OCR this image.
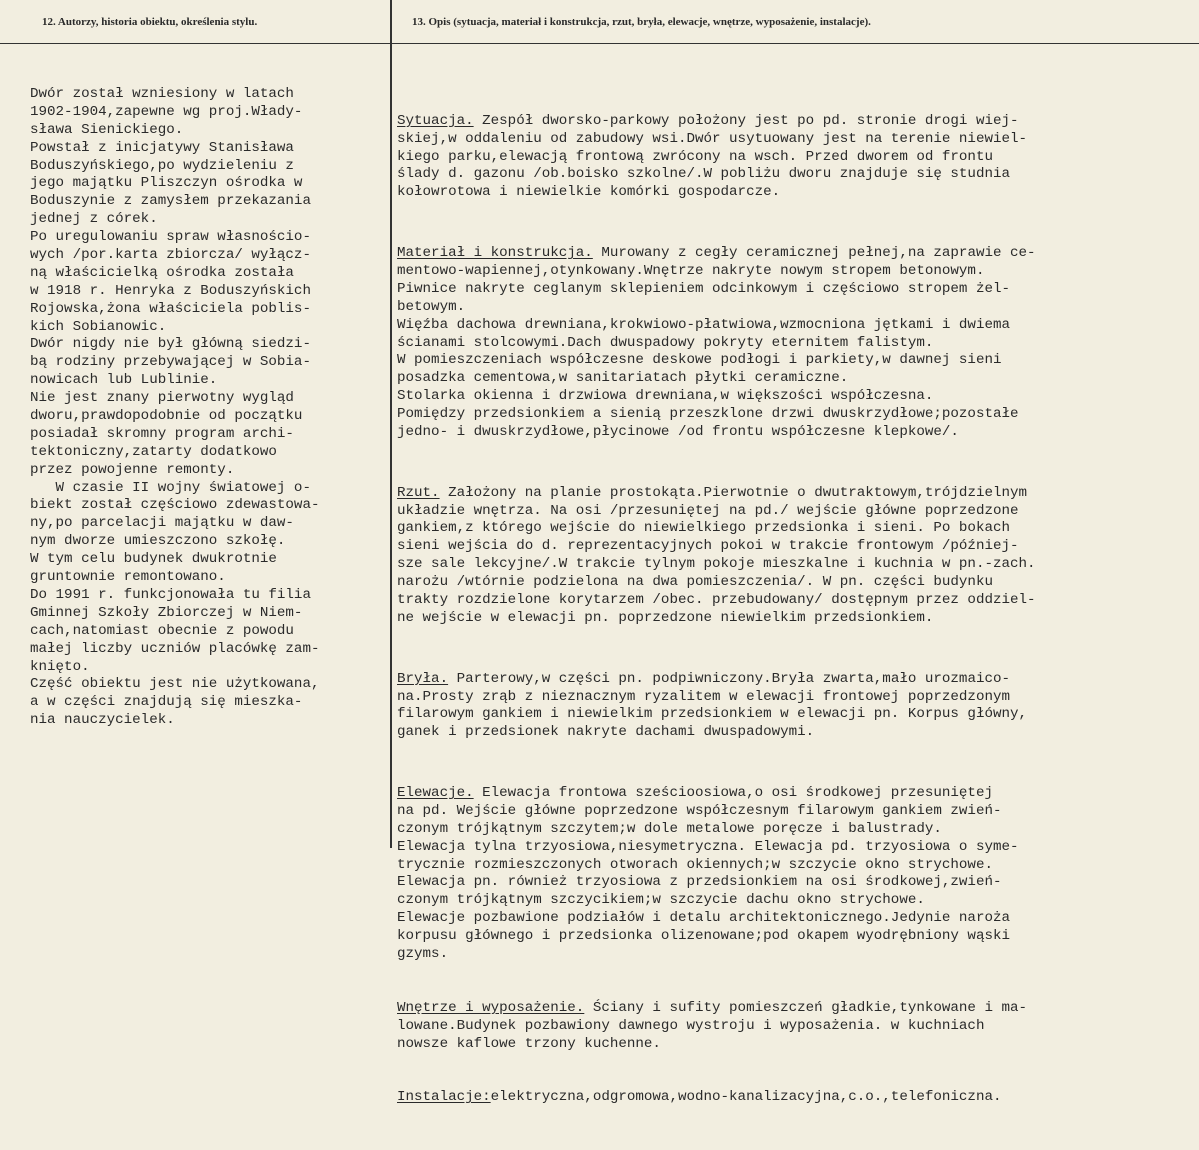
12. Autorzy, historia obiektu, określenia stylu.	13. Opis (sytuacja, materiał i konstrukcja, rzut, bryła, elewacje, wnętrze, wyposażenie, instalacje).
Dwór został wzniesiony w latach
1902-1904,zapewne wg proj.Włady-
sława Sienickiego.
Powstał z inicjatywy Stanisława
Boduszyńskiego,po wydzieleniu z
jego majątku Pliszczyn ośrodka w
Boduszynie z zamysłem przekazania
jednej z córek.
Po uregulowaniu spraw własnościo-
wych /por.karta zbiorcza/ wyłącz-
ną właścicielką ośrodka została
w 1918 r. Henryka z Boduszyńskich
Rojowska,żona właściciela poblis-
kich Sobianowic.
Dwór nigdy nie był główną siedzi-
bą rodziny przebywającej w Sobia-
nowicach lub Lublinie.
Nie jest znany pierwotny wygląd
dworu,prawdopodobnie od początku
posiadał skromny program archi-
tektoniczny,zatarty dodatkowo
przez powojenne remonty.
W czasie II wojny światowej o-
biekt został częściowo zdewastowa-
ny,po parcelacji majątku w daw-
nym dworze umieszczono szkołę.
W tym celu budynek dwukrotnie
gruntownie remontowano.
Do 1991 r. funkcjonowała tu filia
Gminnej Szkoły Zbiorczej w Niem-
cach,natomiast obecnie z powodu
małej liczby uczniów placówkę zam-
knięto.
Część obiektu jest nie użytkowana,
a w części znajdują się mieszka-
nia nauczycielek.

Sytuacja. Zespół dworsko-parkowy położony jest po pd. stronie drogi wiej-
skiej,w oddaleniu od zabudowy wsi.Dwór usytuowany jest na terenie niewiel-
kiego parku,elewacją frontową zwrócony na wsch. Przed dworem od frontu
ślady d. gazonu /ob.boisko szkolne/.W pobliżu dworu znajduje się studnia
kołowrotowa i niewielkie komórki gospodarcze.

Materiał i konstrukcja. Murowany z cegły ceramicznej pełnej,na zaprawie ce-
mentowo-wapiennej,otynkowany.Wnętrze nakryte nowym stropem betonowym.
Piwnice nakryte ceglanym sklepieniem odcinkowym i częściowo stropem żel-
betowym.
Więźba dachowa drewniana,krokwiowo-płatwiowa,wzmocniona jętkami i dwiema
ścianami stolcowymi.Dach dwuspadowy pokryty eternitem falistym.
W pomieszczeniach współczesne deskowe podłogi i parkiety,w dawnej sieni
posadzka cementowa,w sanitariatach płytki ceramiczne.
Stolarka okienna i drzwiowa drewniana,w większości współczesna.
Pomiędzy przedsionkiem a sienią przeszklone drzwi dwuskrzydłowe;pozostałe
jedno- i dwuskrzydłowe,płycinowe /od frontu współczesne klepkowe/.

Rzut. Założony na planie prostokąta.Pierwotnie o dwutraktowym,trójdzielnym
układzie wnętrza. Na osi /przesuniętej na pd./ wejście główne poprzedzone
gankiem,z którego wejście do niewielkiego przedsionka i sieni. Po bokach
sieni wejścia do d. reprezentacyjnych pokoi w trakcie frontowym /później-
sze sale lekcyjne/.W trakcie tylnym pokoje mieszkalne i kuchnia w pn.-zach.
narożu /wtórnie podzielona na dwa pomieszczenia/. W pn. części budynku
trakty rozdzielone korytarzem /obec. przebudowany/ dostępnym przez oddziel-
ne wejście w elewacji pn. poprzedzone niewielkim przedsionkiem.

Bryła. Parterowy,w części pn. podpiwniczony.Bryła zwarta,mało urozmaico-
na.Prosty zrąb z nieznacznym ryzalitem w elewacji frontowej poprzedzonym
filarowym gankiem i niewielkim przedsionkiem w elewacji pn. Korpus główny,
ganek i przedsionek nakryte dachami dwuspadowymi.

Elewacje. Elewacja frontowa sześcioosiowa,o osi środkowej przesuniętej
na pd. Wejście główne poprzedzone współczesnym filarowym gankiem zwień-
czonym trójkątnym szczytem;w dole metalowe poręcze i balustrady.
Elewacja tylna trzyosiowa,niesymetryczna. Elewacja pd. trzyosiowa o syme-
trycznie rozmieszczonych otworach okiennych;w szczycie okno strychowe.
Elewacja pn. również trzyosiowa z przedsionkiem na osi środkowej,zwień-
czonym trójkątnym szczycikiem;w szczycie dachu okno strychowe.
Elewacje pozbawione podziałów i detalu architektonicznego.Jedynie naroża
korpusu głównego i przedsionka olizenowane;pod okapem wyodrębniony wąski
gzyms.

Wnętrze i wyposażenie. Ściany i sufity pomieszczeń gładkie,tynkowane i ma-
lowane.Budynek pozbawiony dawnego wystroju i wyposażenia. w kuchniach
nowsze kaflowe trzony kuchenne.

Instalacje:elektryczna,odgromowa,wodno-kanalizacyjna,c.o.,telefoniczna.
